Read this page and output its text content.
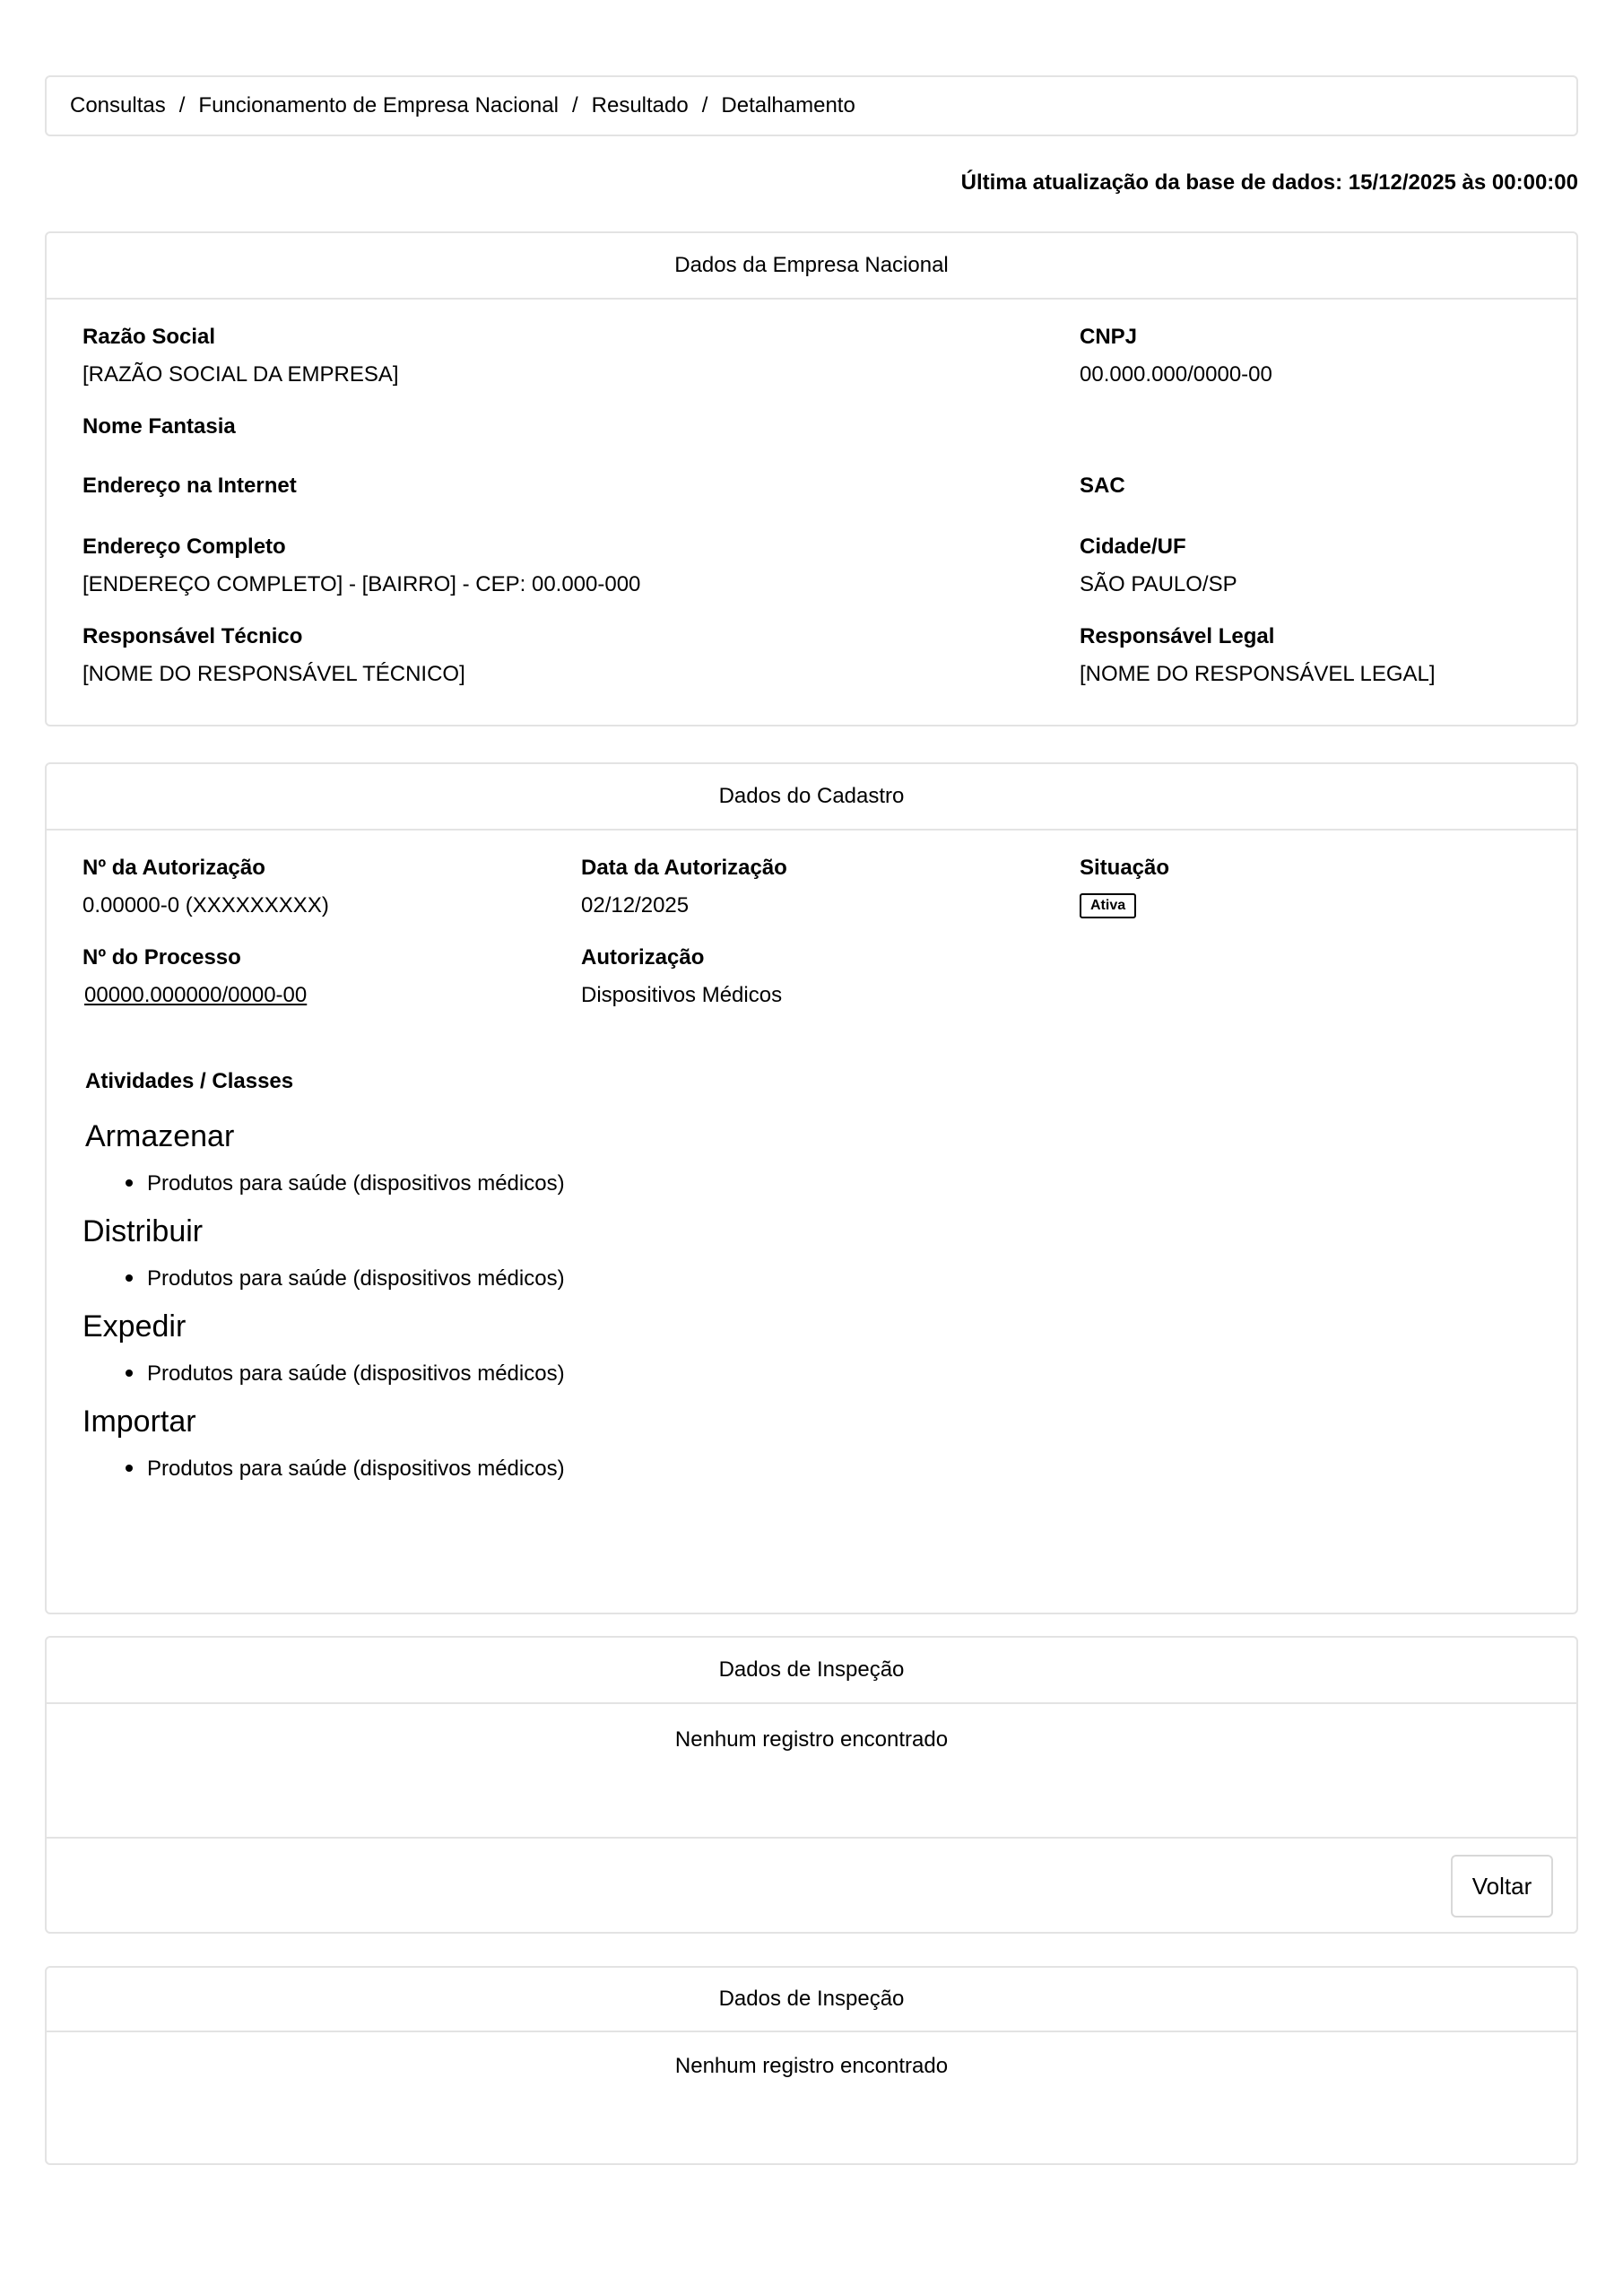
Consultas / Funcionamento de Empresa Nacional / Resultado / Detalhamento
Última atualização da base de dados: 15/12/2025 às 00:00:00
Dados da Empresa Nacional
Razão Social
[RAZÃO SOCIAL DA EMPRESA]
CNPJ
00.000.000/0000-00
Nome Fantasia
Endereço na Internet	SAC
Endereço Completo
[ENDEREÇO COMPLETO] - [BAIRRO] - CEP: 00.000-000
Cidade/UF
SÃO PAULO/SP
Responsável Técnico
[NOME DO RESPONSÁVEL TÉCNICO]
Responsável Legal
[NOME DO RESPONSÁVEL LEGAL]
Dados do Cadastro
Nº da Autorização
0.00000-0 (XXXXXXXXX)
Data da Autorização
02/12/2025
Situação
Ativa
Nº do Processo
00000.000000/0000-00
Autorização
Dispositivos Médicos
Atividades / Classes
Armazenar
Produtos para saúde (dispositivos médicos)
Distribuir
Produtos para saúde (dispositivos médicos)
Expedir
Produtos para saúde (dispositivos médicos)
Importar
Produtos para saúde (dispositivos médicos)
Dados de Inspeção
Nenhum registro encontrado
Voltar
Dados de Inspeção
Nenhum registro encontrado
